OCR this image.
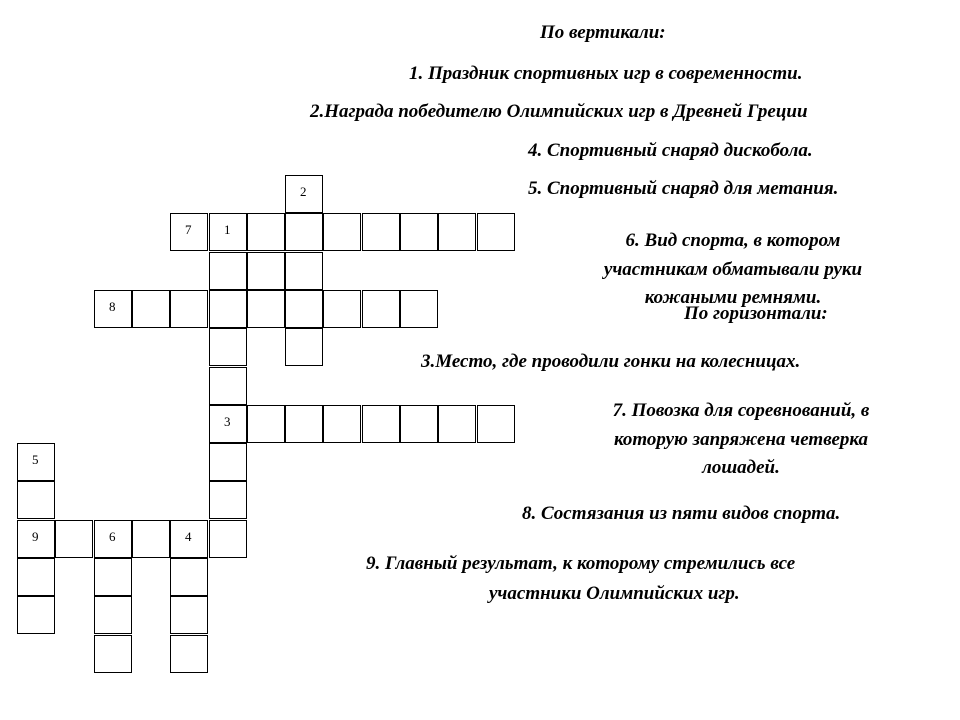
2
7	1
8
3
5
9	6	4
По вертикали:
1. Праздник спортивных игр в современности.
2.Награда победителю Олимпийских игр в Древней Греции
4. Спортивный снаряд дискобола.
5. Спортивный снаряд для метания.
6. Вид спорта, в котором
участникам обматывали руки
кожаными ремнями.
По горизонтали:
3.Место, где проводили гонки на колесницах.
7. Повозка для соревнований, в
которую запряжена четверка
лошадей.
8. Состязания из пяти видов спорта.
9. Главный результат, к которому стремились все
участники Олимпийских игр.
